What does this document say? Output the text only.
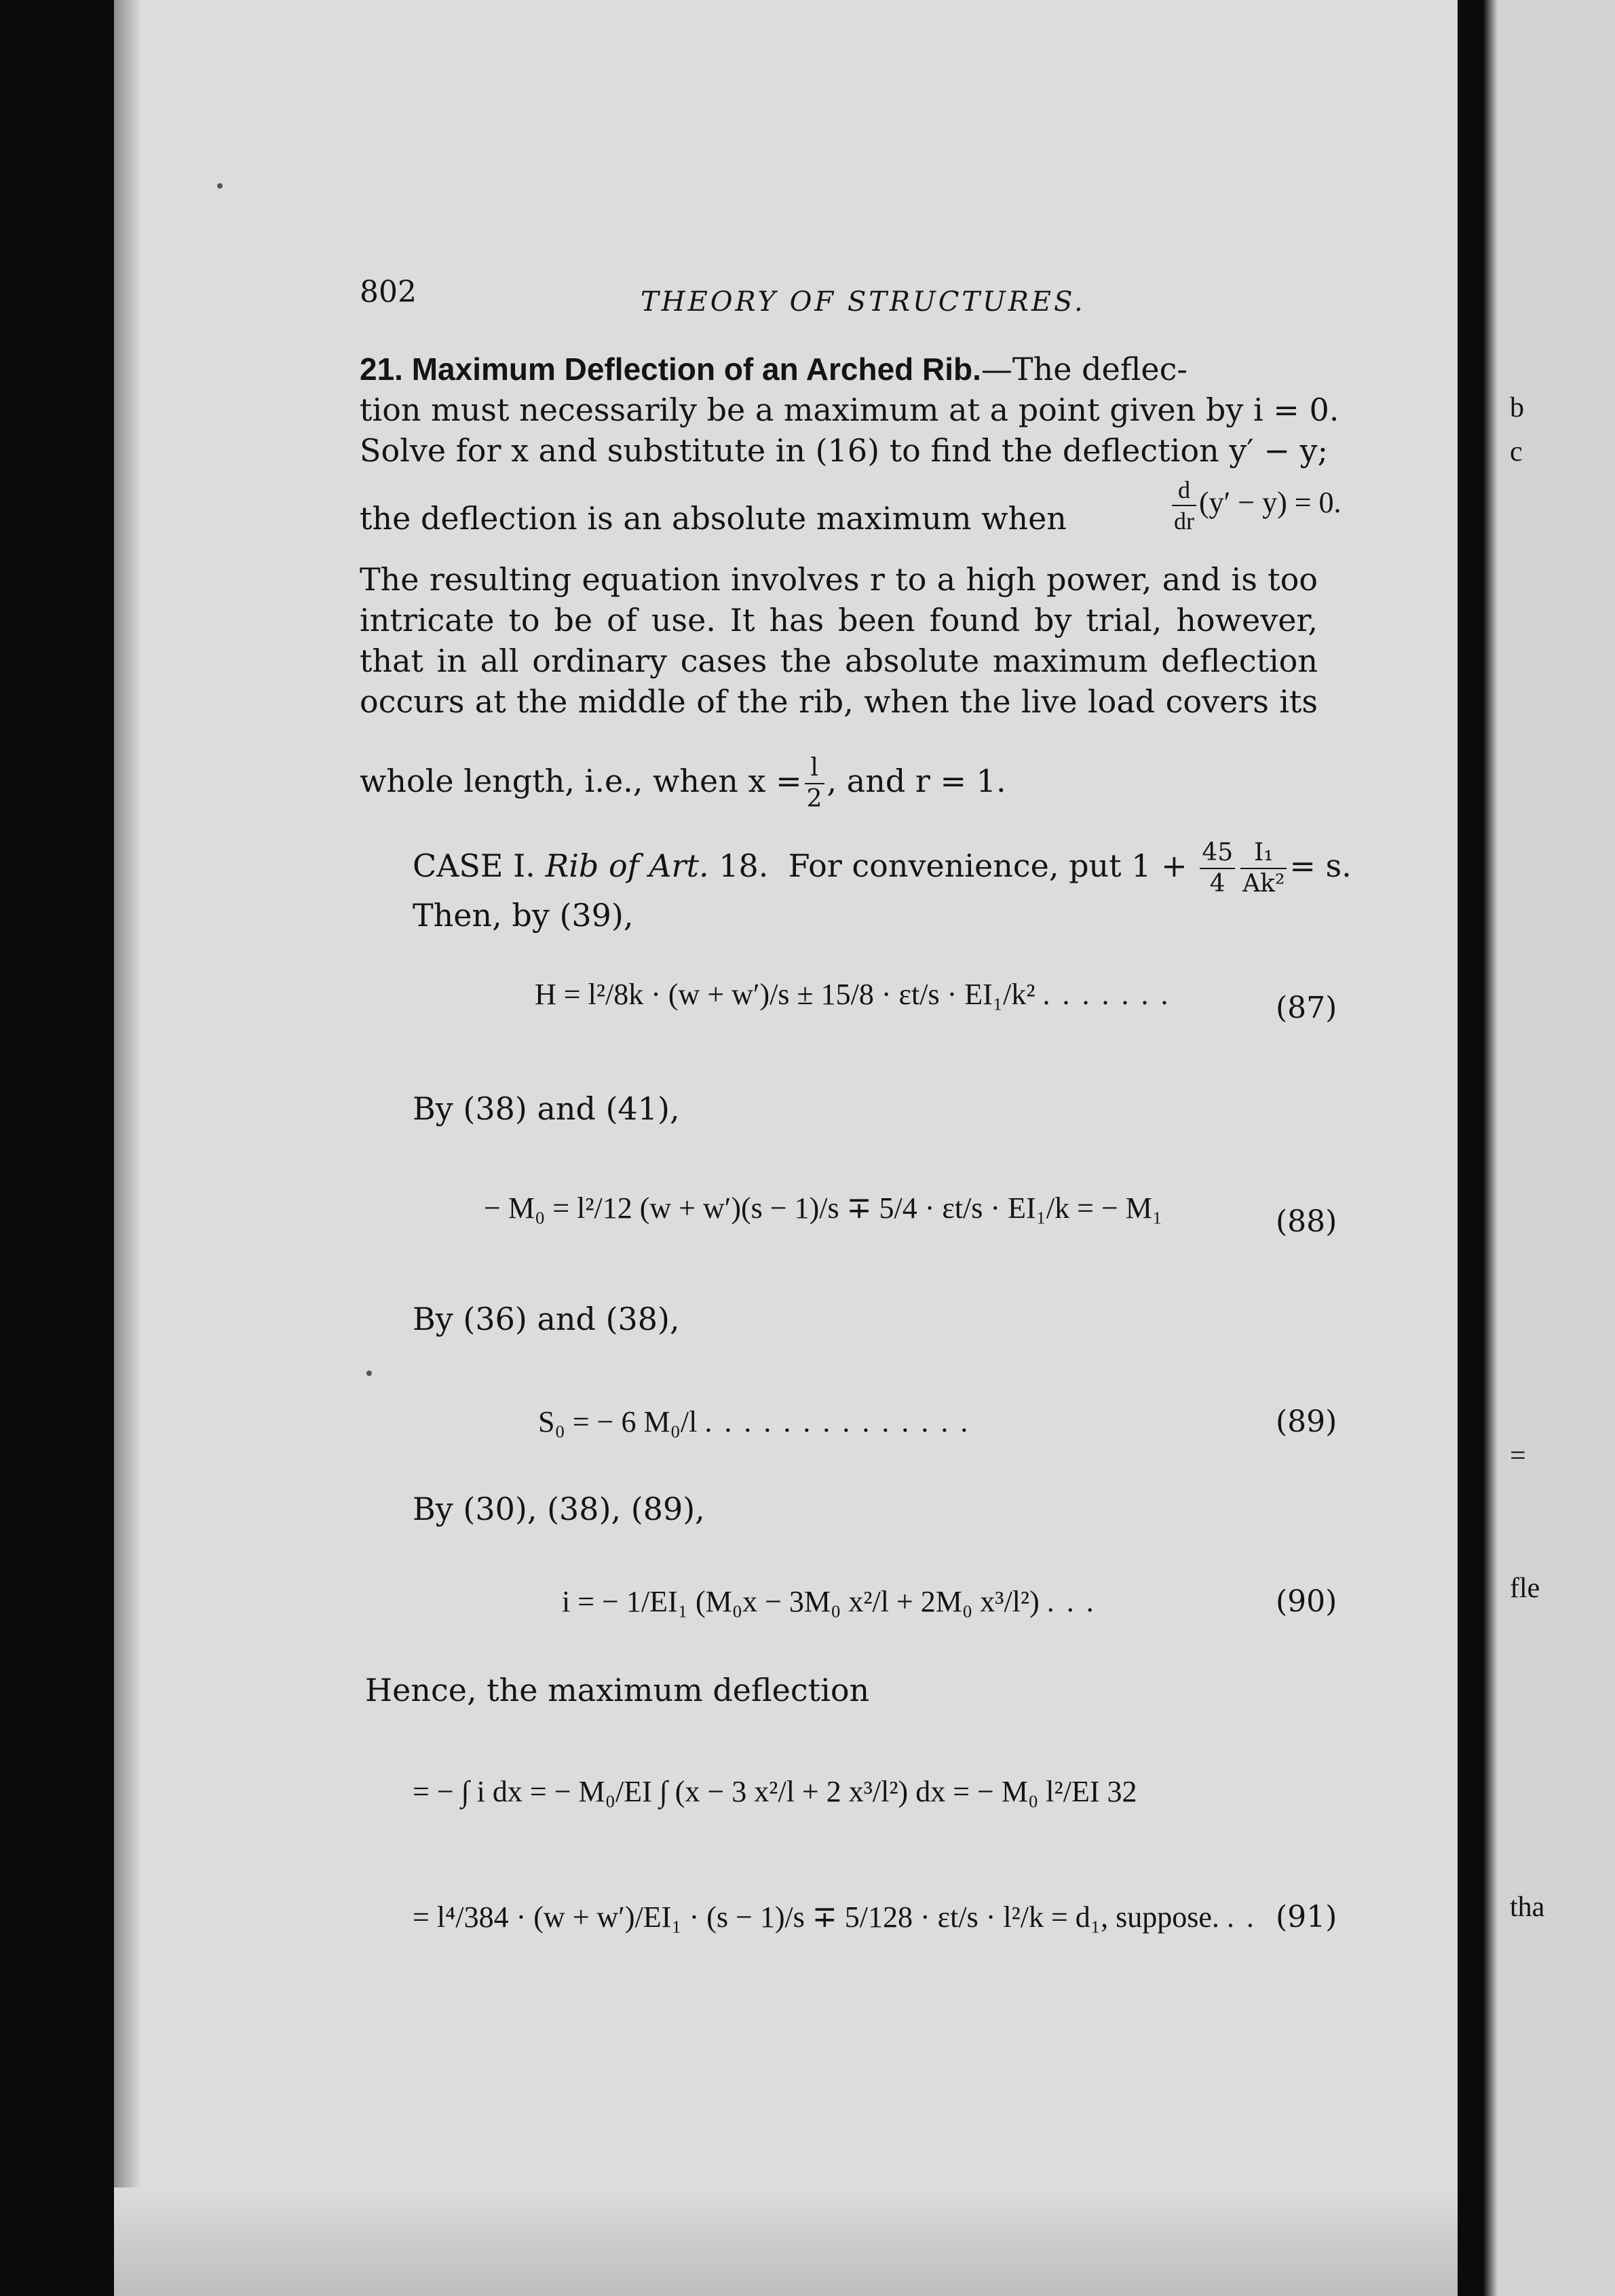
802	THEORY OF STRUCTURES.
21. Maximum Deflection of an Arched Rib.—The deflec-
tion must necessarily be a maximum at a point given by i = 0.
Solve for x and substitute in (16) to find the deflection y′ − y;
the deflection is an absolute maximum when	$\frac{d}{dr} (y' - y) = 0$.
The resulting equation involves r to a high power, and is too
intricate to be of use. It has been found by trial, however,
that in all ordinary cases the absolute maximum deflection
occurs at the middle of the rib, when the live load covers its
whole length, i.e., when $x = \frac{l}{2}$ , and r = 1.
CASE I. Rib of Art. 18. For convenience, put $1 + \frac{45}{4} \frac{\text{I₁}}{\text{Ak²}} = s$.
Then, by (39),
H = l²/8k · (w + w′)/s ± 15/8 · εt/s · EI₁/k² .......	(87)
By (38) and (41),
− M₀ = l²/12 (w + w′)(s − 1)/s ∓ 5/4 · εt/s · EI₁/k = − M₁	(88)
By (36) and (38),
S₀ = − 6 M₀/l ..............	(89)
By (30), (38), (89),
i = − 1/EI₁ (M₀x − 3M₀ x²/l + 2M₀ x³/l²) ...	(90)
Hence, the maximum deflection
= − ∫ i dx = − M₀/EI ∫ (x − 3 x²/l + 2 x³/l²) dx = − M₀ l²/EI 32
= l⁴/384 · (w + w′)/EI₁ · (s − 1)/s ∓ 5/128 · εt/s · l²/k = d₁, suppose. .. (91)
b
c
=
fle
tha
